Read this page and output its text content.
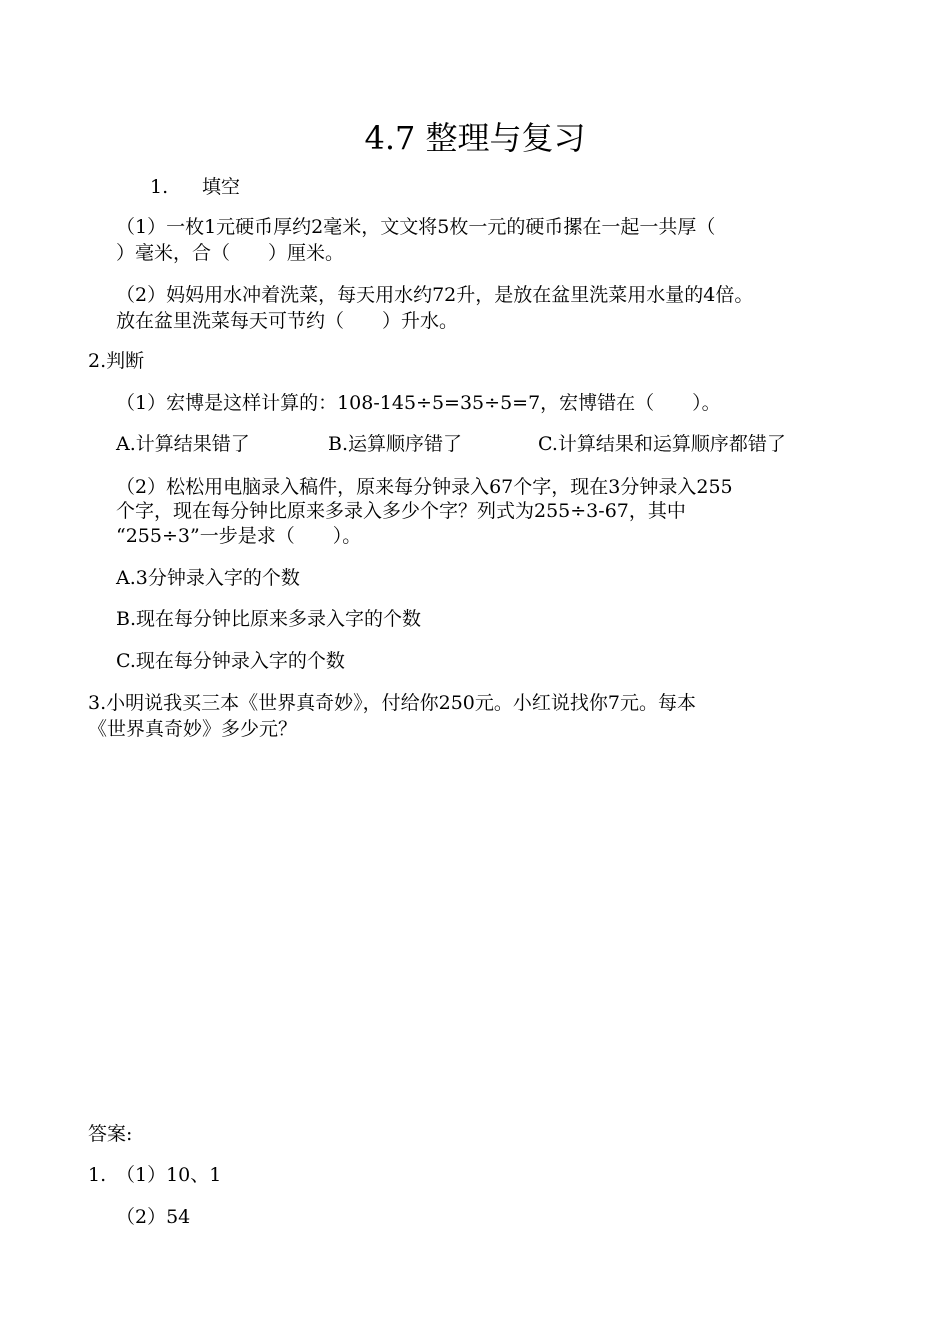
4.7 整理与复习
1. 填空
（1）一枚1元硬币厚约2毫米，文文将5枚一元的硬币摞在一起一共厚（
）毫米，合（　　）厘米。
（2）妈妈用水冲着洗菜，每天用水约72升，是放在盆里洗菜用水量的4倍。
放在盆里洗菜每天可节约（　　）升水。
2.判断
（1）宏博是这样计算的：108-145÷5=35÷5=7，宏博错在（　　）。
A.计算结果错了	B.运算顺序错了	C.计算结果和运算顺序都错了
（2）松松用电脑录入稿件，原来每分钟录入67个字，现在3分钟录入255
个字，现在每分钟比原来多录入多少个字？列式为255÷3-67，其中
“255÷3”一步是求（　　）。
A.3分钟录入字的个数
B.现在每分钟比原来多录入字的个数
C.现在每分钟录入字的个数
3.小明说我买三本《世界真奇妙》，付给你250元。小红说找你7元。每本
《世界真奇妙》多少元？
答案:
1. （1）10、1
（2）54
